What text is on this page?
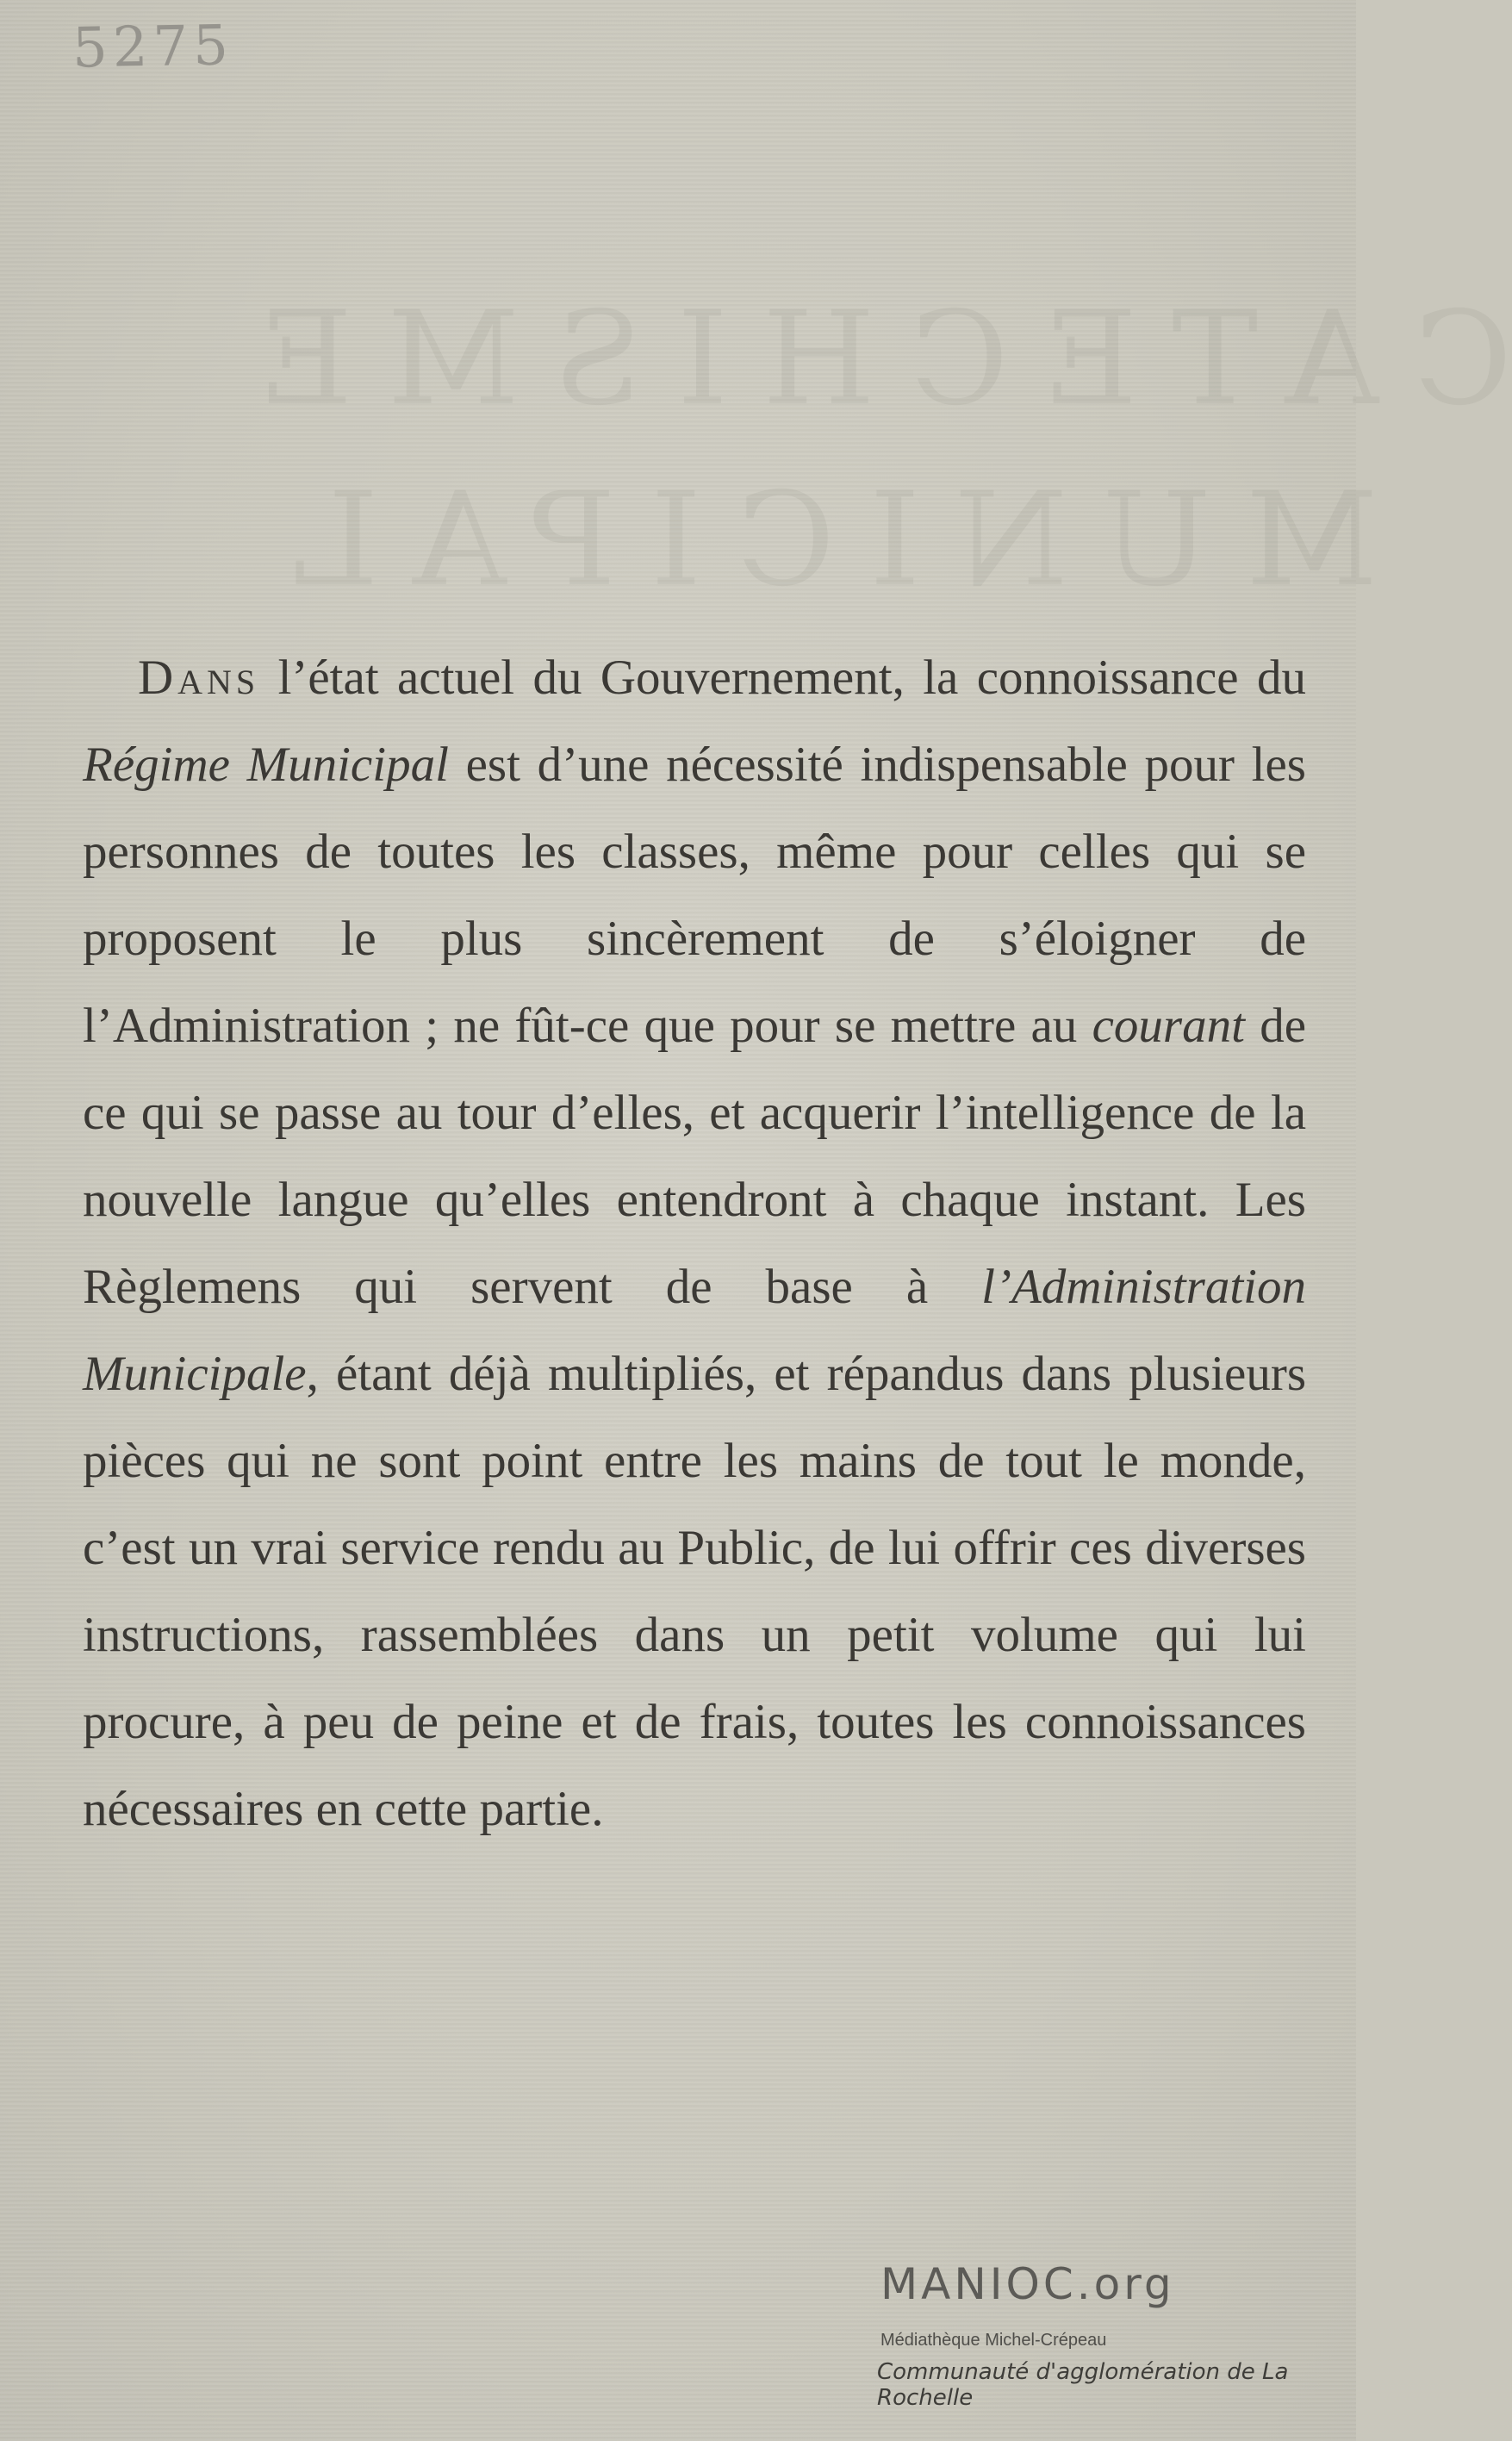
5275
CATECHISME
MUNICIPAL

Dans l’état actuel du Gouvernement, la connoissance du Régime Municipal est d’une nécessité indispensable pour les personnes de toutes les classes, même pour celles qui se proposent le plus sincèrement de s’éloigner de l’Administration ; ne fût-ce que pour se mettre au courant de ce qui se passe au tour d’elles, et acquerir l’intelligence de la nouvelle langue qu’elles entendront à chaque instant. Les Règlemens qui servent de base à l’Administration Municipale, étant déjà multipliés, et répandus dans plusieurs pièces qui ne sont point entre les mains de tout le monde, c’est un vrai service rendu au Public, de lui offrir ces diverses instructions, rassemblées dans un petit volume qui lui procure, à peu de peine et de frais, toutes les connoissances nécessaires en cette partie.

MANIOC.org
Médiathèque Michel-Crépeau
Communauté d'agglomération de La Rochelle
